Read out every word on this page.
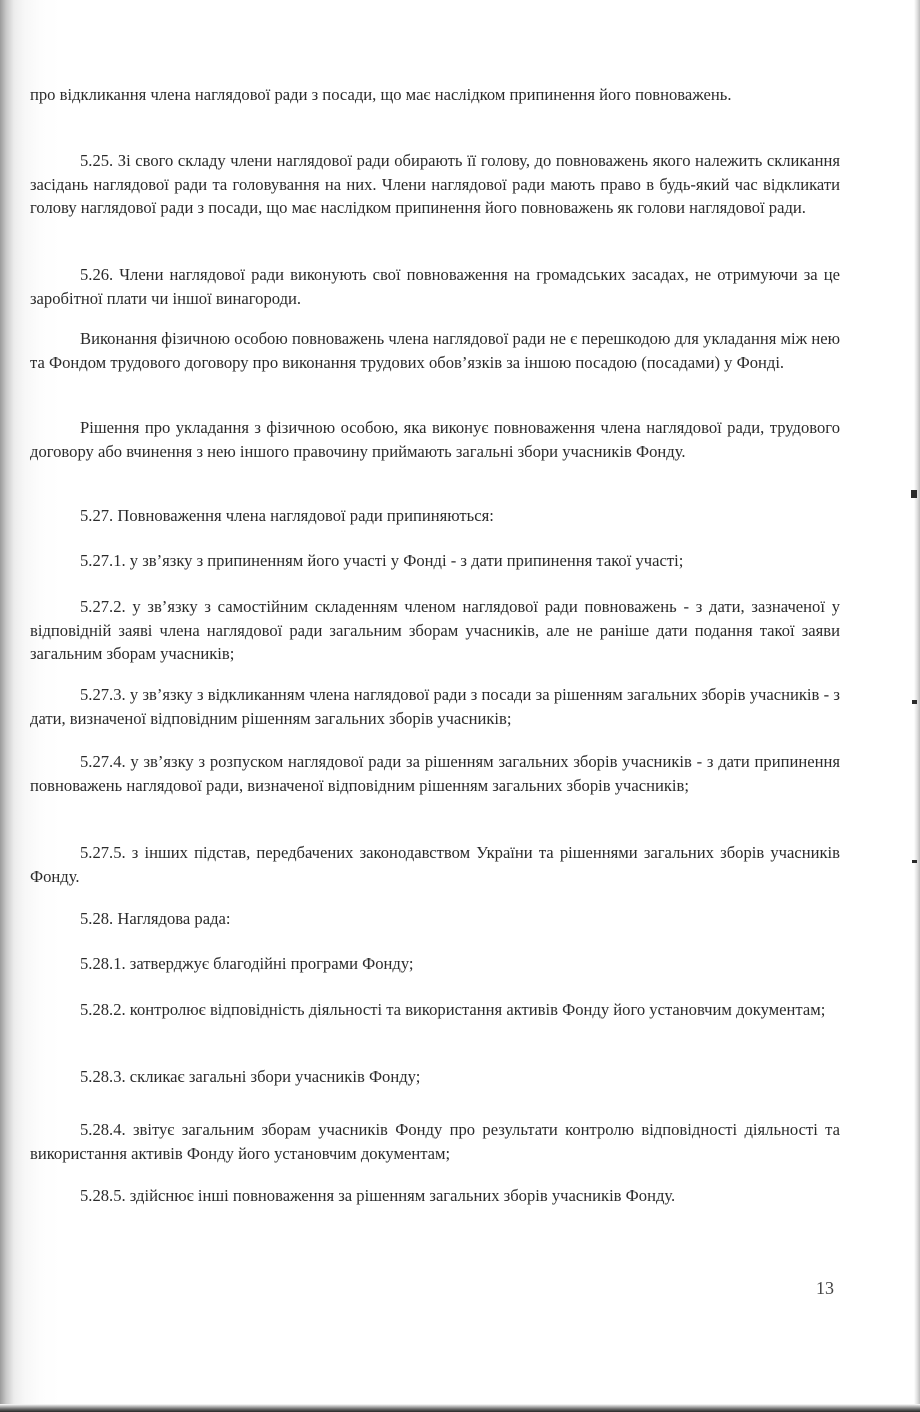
про відкликання члена наглядової ради з посади, що має наслідком припинення його повноважень.

5.25. Зі свого складу члени наглядової ради обирають її голову, до повноважень якого належить скликання засідань наглядової ради та головування на них. Члени наглядової ради мають право в будь-який час відкликати голову наглядової ради з посади, що має наслідком припинення його повноважень як голови наглядової ради.

5.26. Члени наглядової ради виконують свої повноваження на громадських засадах, не отримуючи за це заробітної плати чи іншої винагороди.

Виконання фізичною особою повноважень члена наглядової ради не є перешкодою для укладання між нею та Фондом трудового договору про виконання трудових обов’язків за іншою посадою (посадами) у Фонді.

Рішення про укладання з фізичною особою, яка виконує повноваження члена наглядової ради, трудового договору або вчинення з нею іншого правочину приймають загальні збори учасників Фонду.

5.27. Повноваження члена наглядової ради припиняються:

5.27.1. у зв’язку з припиненням його участі у Фонді - з дати припинення такої участі;

5.27.2. у зв’язку з самостійним складенням членом наглядової ради повноважень - з дати, зазначеної у відповідній заяві члена наглядової ради загальним зборам учасників, але не раніше дати подання такої заяви загальним зборам учасників;

5.27.3. у зв’язку з відкликанням члена наглядової ради з посади за рішенням загальних зборів учасників - з дати, визначеної відповідним рішенням загальних зборів учасників;

5.27.4. у зв’язку з розпуском наглядової ради за рішенням загальних зборів учасників - з дати припинення повноважень наглядової ради, визначеної відповідним рішенням загальних зборів учасників;

5.27.5. з інших підстав, передбачених законодавством України та рішеннями загальних зборів учасників Фонду.

5.28. Наглядова рада:

5.28.1. затверджує благодійні програми Фонду;

5.28.2. контролює відповідність діяльності та використання активів Фонду його установчим документам;

5.28.3. скликає загальні збори учасників Фонду;

5.28.4. звітує загальним зборам учасників Фонду про результати контролю відповідності діяльності та використання активів Фонду його установчим документам;

5.28.5. здійснює інші повноваження за рішенням загальних зборів учасників Фонду.

13
